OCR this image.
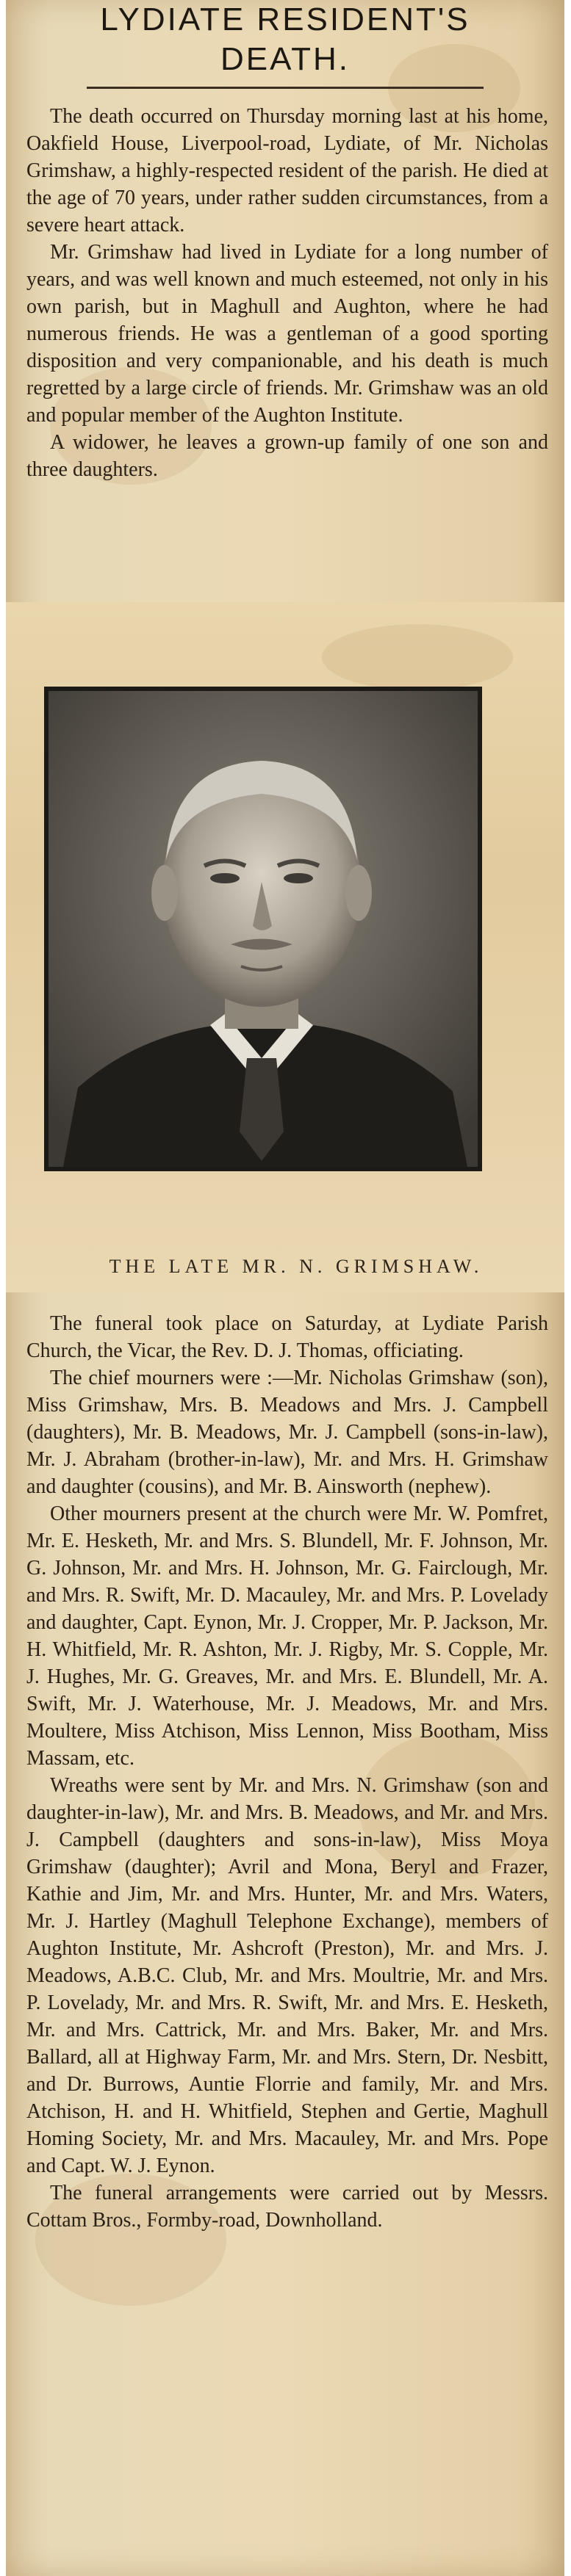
LYDIATE RESIDENT'S
DEATH.

The death occurred on Thursday morning last at his home, Oakfield House, Liverpool-road, Lydiate, of Mr. Nicholas Grimshaw, a highly-respected resident of the parish. He died at the age of 70 years, under rather sudden circumstances, from a severe heart attack.

Mr. Grimshaw had lived in Lydiate for a long number of years, and was well known and much esteemed, not only in his own parish, but in Maghull and Aughton, where he had numerous friends. He was a gentleman of a good sporting disposition and very companionable, and his death is much regretted by a large circle of friends. Mr. Grimshaw was an old and popular member of the Aughton Institute.

A widower, he leaves a grown-up family of one son and three daughters.

THE LATE MR. N. GRIMSHAW.

The funeral took place on Saturday, at Lydiate Parish Church, the Vicar, the Rev. D. J. Thomas, officiating.

The chief mourners were :—Mr. Nicholas Grimshaw (son), Miss Grimshaw, Mrs. B. Meadows and Mrs. J. Campbell (daughters), Mr. B. Meadows, Mr. J. Campbell (sons-in-law), Mr. J. Abraham (brother-in-law), Mr. and Mrs. H. Grimshaw and daughter (cousins), and Mr. B. Ainsworth (nephew).

Other mourners present at the church were Mr. W. Pomfret, Mr. E. Hesketh, Mr. and Mrs. S. Blundell, Mr. F. Johnson, Mr. G. Johnson, Mr. and Mrs. H. Johnson, Mr. G. Fairclough, Mr. and Mrs. R. Swift, Mr. D. Macauley, Mr. and Mrs. P. Lovelady and daughter, Capt. Eynon, Mr. J. Cropper, Mr. P. Jackson, Mr. H. Whitfield, Mr. R. Ashton, Mr. J. Rigby, Mr. S. Copple, Mr. J. Hughes, Mr. G. Greaves, Mr. and Mrs. E. Blundell, Mr. A. Swift, Mr. J. Waterhouse, Mr. J. Meadows, Mr. and Mrs. Moultere, Miss Atchison, Miss Lennon, Miss Bootham, Miss Massam, etc.

Wreaths were sent by Mr. and Mrs. N. Grimshaw (son and daughter-in-law), Mr. and Mrs. B. Meadows, and Mr. and Mrs. J. Campbell (daughters and sons-in-law), Miss Moya Grimshaw (daughter); Avril and Mona, Beryl and Frazer, Kathie and Jim, Mr. and Mrs. Hunter, Mr. and Mrs. Waters, Mr. J. Hartley (Maghull Telephone Exchange), members of Aughton Institute, Mr. Ashcroft (Preston), Mr. and Mrs. J. Meadows, A.B.C. Club, Mr. and Mrs. Moultrie, Mr. and Mrs. P. Lovelady, Mr. and Mrs. R. Swift, Mr. and Mrs. E. Hesketh, Mr. and Mrs. Cattrick, Mr. and Mrs. Baker, Mr. and Mrs. Ballard, all at Highway Farm, Mr. and Mrs. Stern, Dr. Nesbitt, and Dr. Burrows, Auntie Florrie and family, Mr. and Mrs. Atchison, H. and H. Whitfield, Stephen and Gertie, Maghull Homing Society, Mr. and Mrs. Macauley, Mr. and Mrs. Pope and Capt. W. J. Eynon.

The funeral arrangements were carried out by Messrs. Cottam Bros., Formby-road, Downholland.
